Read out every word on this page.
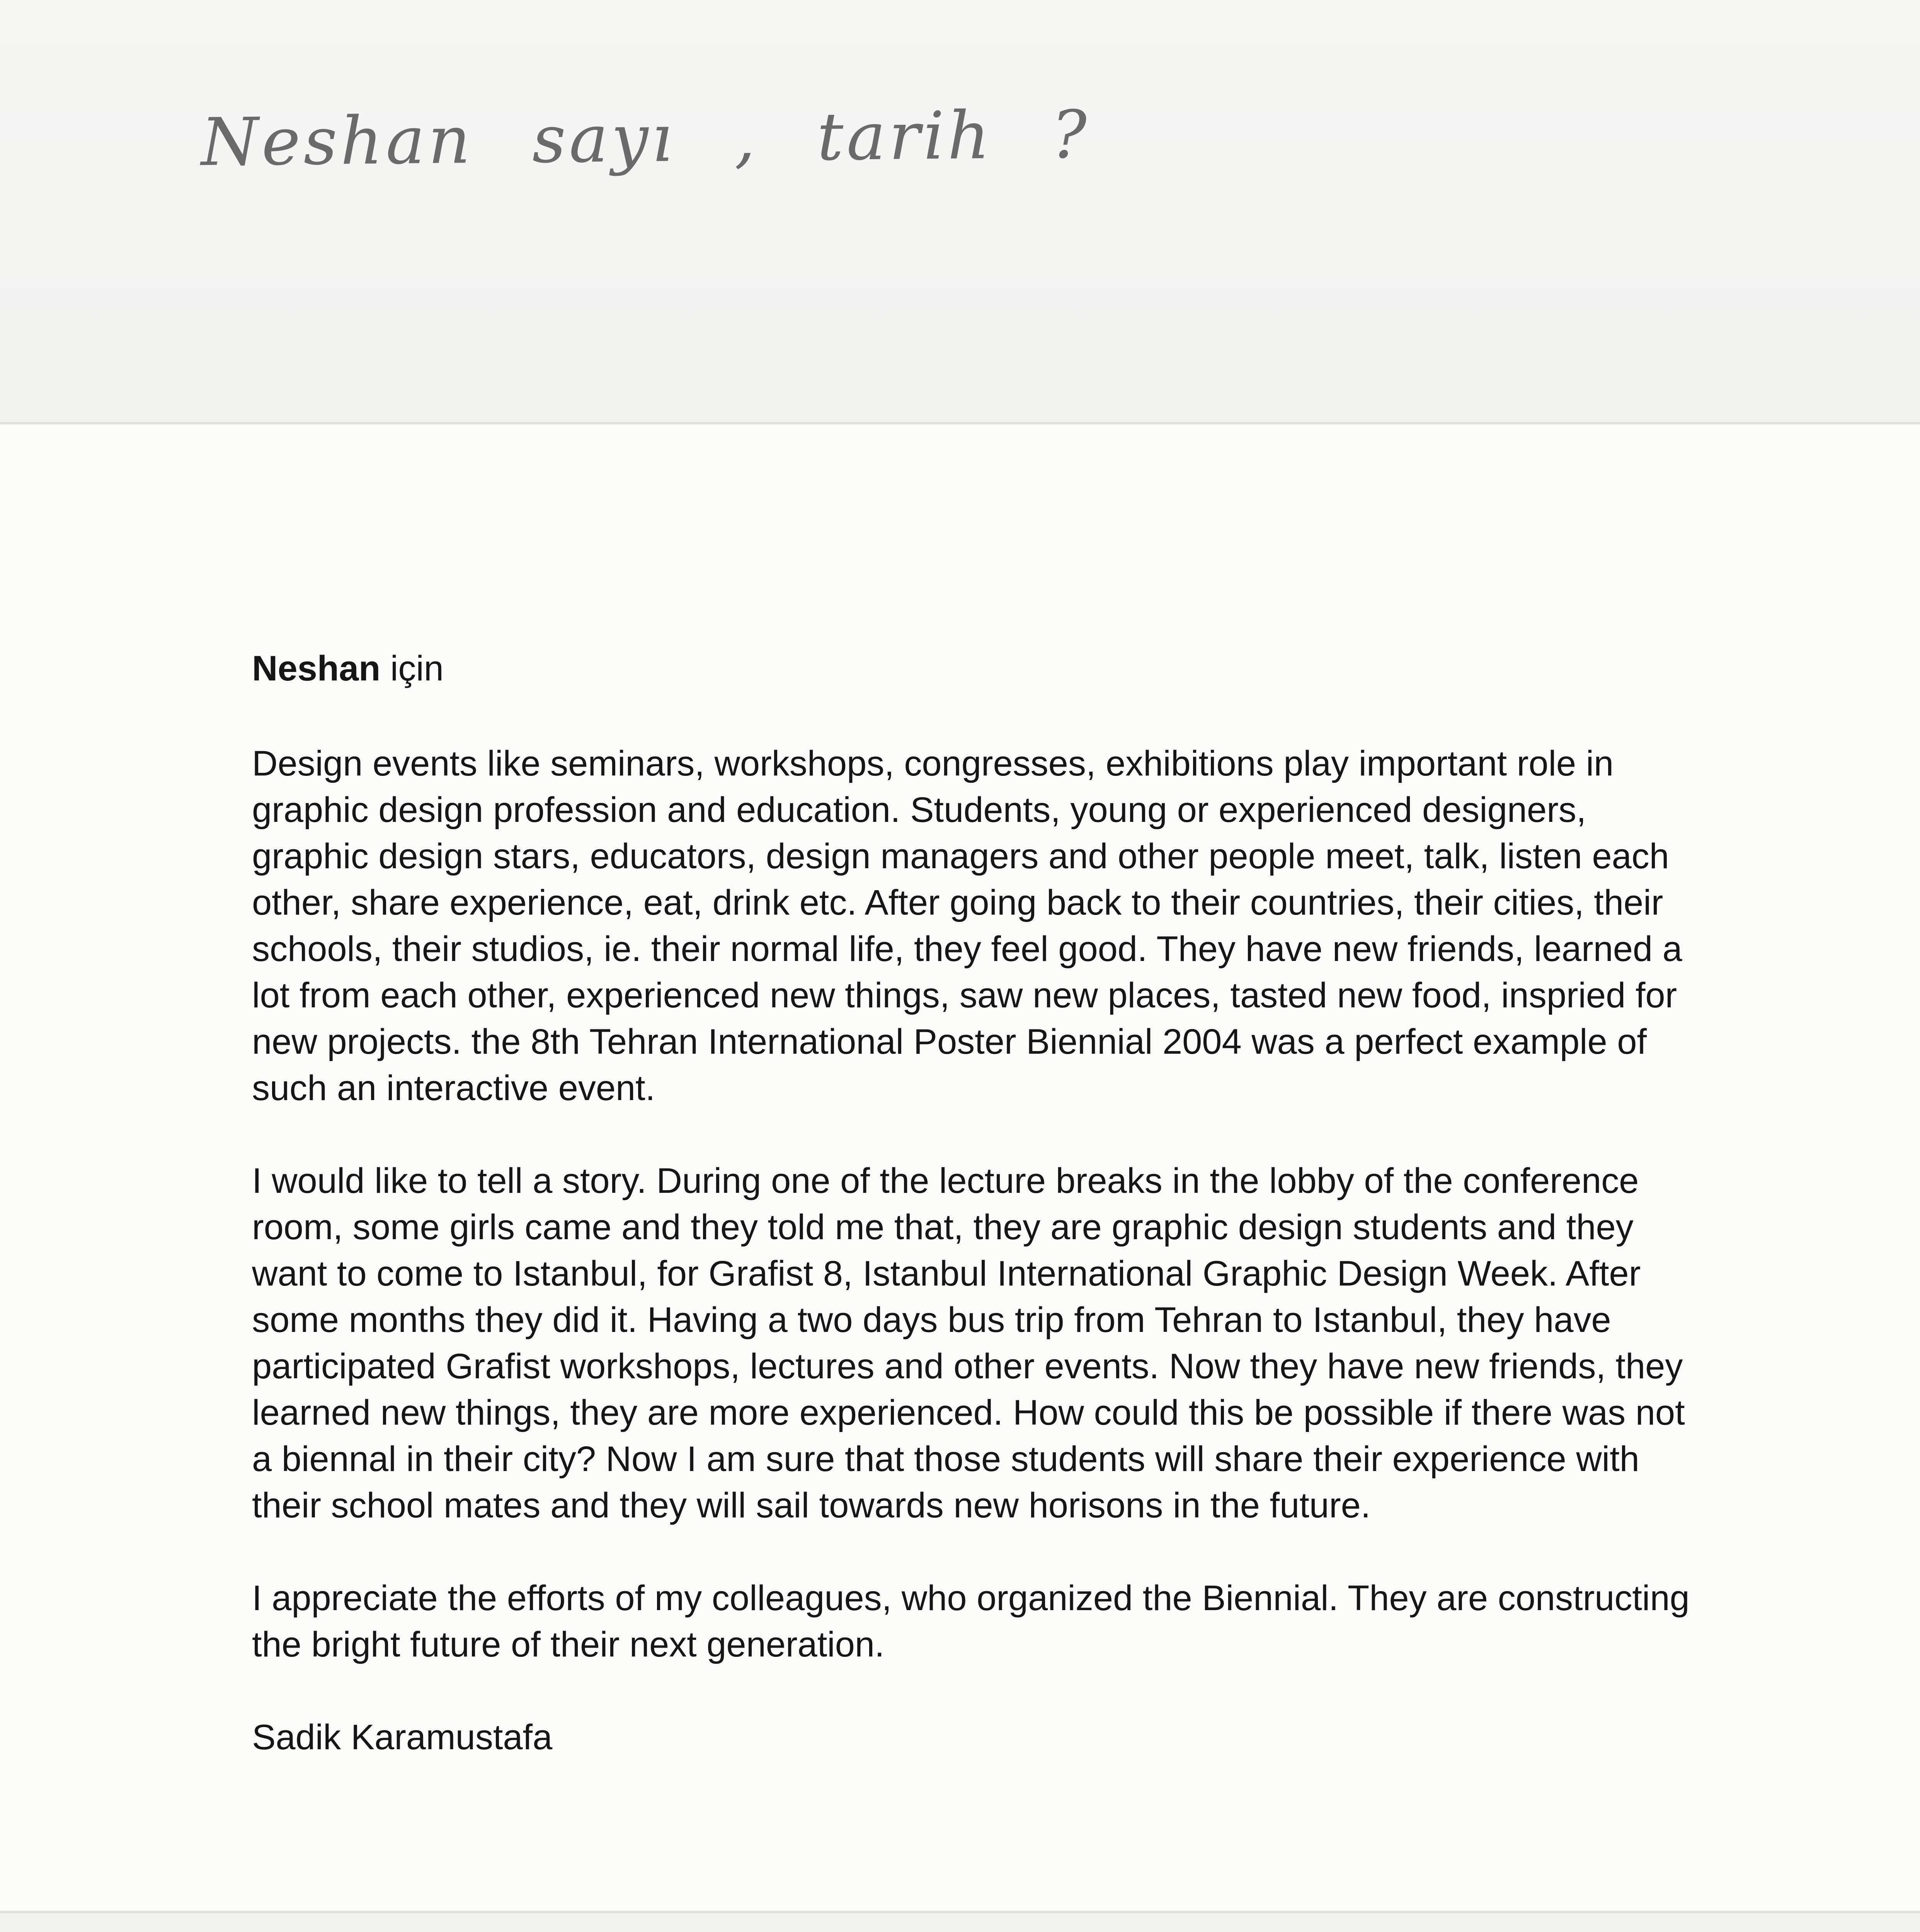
Neshan sayı , tarih ?

Neshan için

Design events like seminars, workshops, congresses, exhibitions play important role in graphic design profession and education. Students, young or experienced designers, graphic design stars, educators, design managers and other people meet, talk, listen each other, share experience, eat, drink etc. After going back to their countries, their cities, their schools, their studios, ie. their normal life, they feel good. They have new friends, learned a lot from each other, experienced new things, saw new places, tasted new food, inspried for new projects. the 8th Tehran International Poster Biennial 2004 was a perfect example of such an interactive event.

I would like to tell a story. During one of the lecture breaks in the lobby of the conference room, some girls came and they told me that, they are graphic design students and they want to come to Istanbul, for Grafist 8, Istanbul International Graphic Design Week. After some months they did it. Having a two days bus trip from Tehran to Istanbul, they have participated Grafist workshops, lectures and other events. Now they have new friends, they learned new things, they are more experienced. How could this be possible if there was not a biennal in their city? Now I am sure that those students will share their experience with their school mates and they will sail towards new horisons in the future.

I appreciate the efforts of my colleagues, who organized the Biennial. They are constructing the bright future of their next generation.

Sadik Karamustafa
